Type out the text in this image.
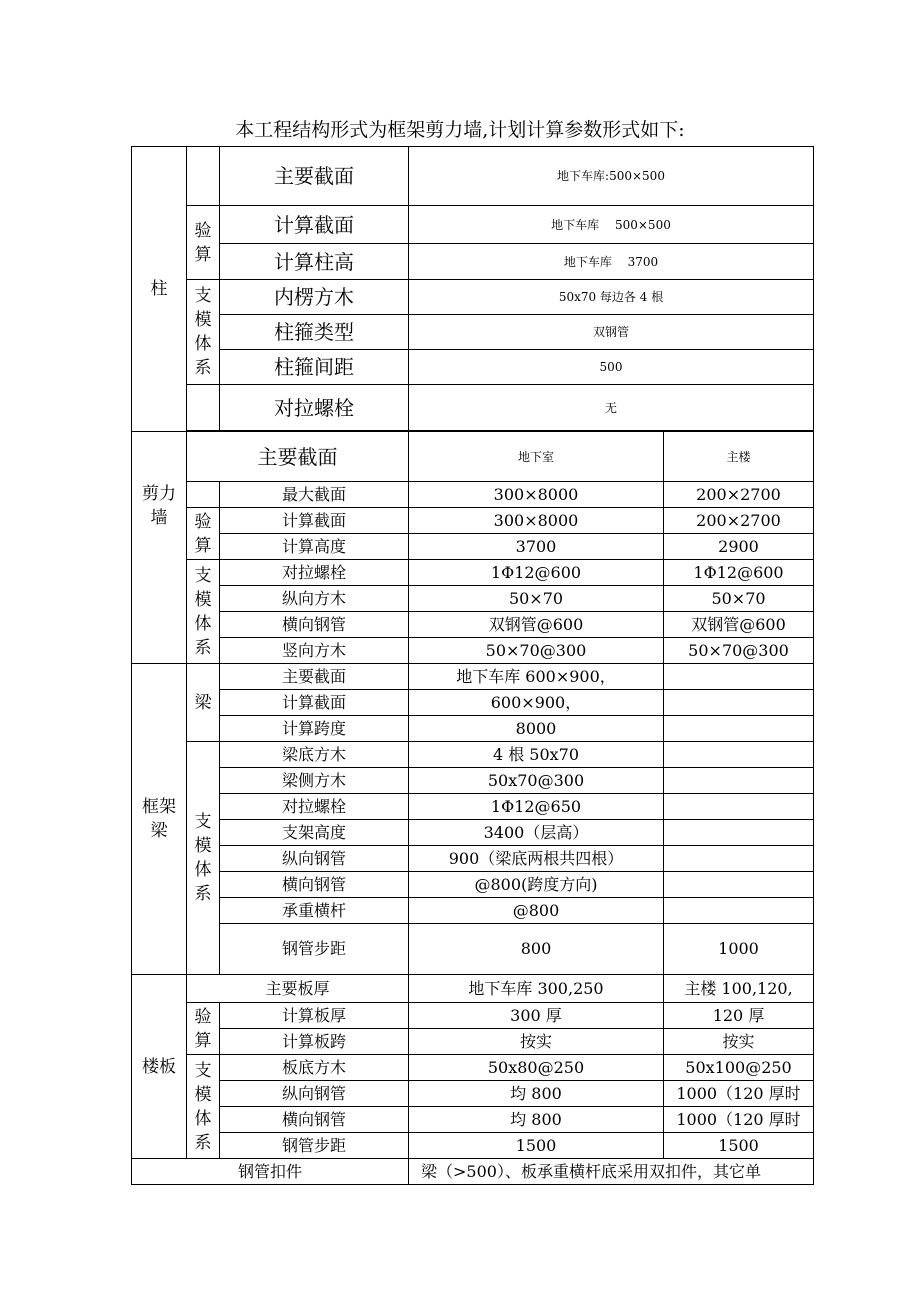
本工程结构形式为框架剪力墙,计划计算参数形式如下:
柱		主要截面	地下车库:500×500	

	验
算	计算截面	地下车库　 500×500	
		计算柱高	地下车库　 3700	

	支
模
体
系	内楞方木	50x70 每边各 4 根	
		柱箍类型	双钢管	
		柱箍间距	500	
		对拉螺栓	无	

	主要截面		地下室	主楼

剪力
墙		最大截面	300×8000	200×2700

	验
算	计算截面	300×8000	200×2700
		计算高度	3700	2900

	支
模
体
系	对拉螺栓	1Φ12@600	1Φ12@600
		纵向方木	50×70	50×70
		横向钢管	双钢管@600	双钢管@600
		竖向方木	50×70@300	50×70@300

框架
梁	梁	主要截面	地下车库 600×900，	
		计算截面	600×900，	
		计算跨度	8000	

	支
模
体
系	梁底方木	4 根 50x70	
		梁侧方木	50x70@300	
		对拉螺栓	1Φ12@650	
		支架高度	3400（层高）	
		纵向钢管	900（梁底两根共四根）	
		横向钢管	@800(跨度方向)	
		承重横杆	@800	
		钢管步距	800	1000
楼板	主要板厚		地下车库 300,250	主楼 100,120,

	验
算	计算板厚	300 厚	120 厚
		计算板跨	按实	按实

	支
模
体
系	板底方木	50x80@250	50x100@250
		纵向钢管	均 800	1000（120 厚时
		横向钢管	均 800	1000（120 厚时
		钢管步距	1500	1500
钢管扣件			梁（>500）、板承重横杆底采用双扣件，其它单	
